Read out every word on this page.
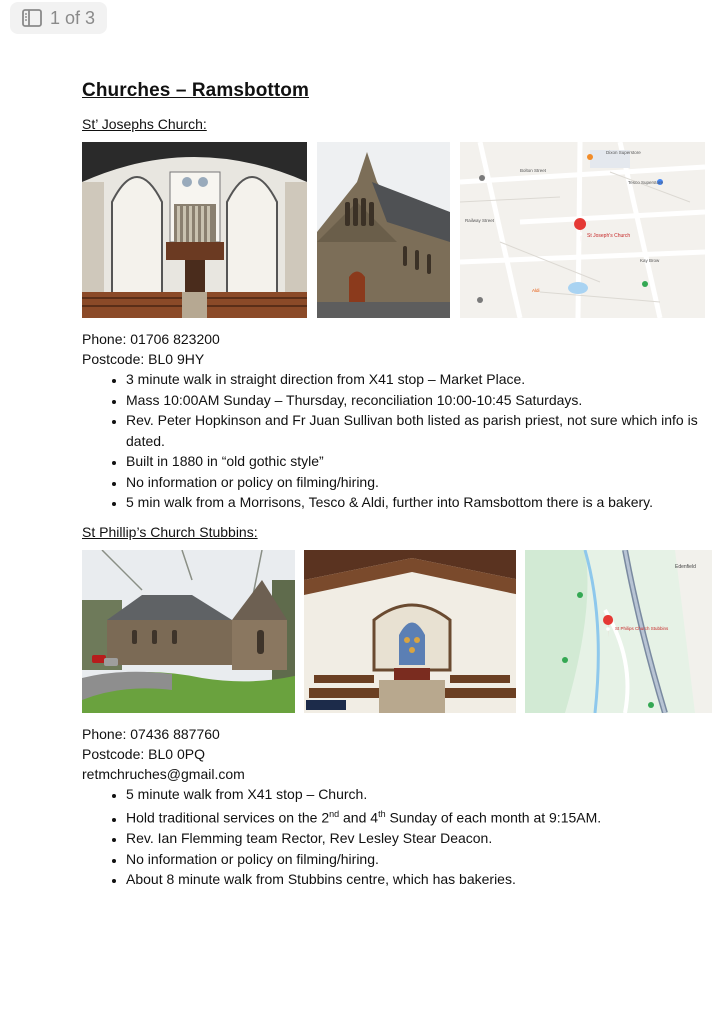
1 of 3
Churches – Ramsbottom
St’ Josephs Church:
St Joseph's Church
Dixon Superstore
Tesco Superstore
Aldi
Bolton Street
Kay Brow
Railway Street
Phone: 01706 823200
Postcode: BL0 9HY
• 3 minute walk in straight direction from X41 stop – Market Place.
• Mass 10:00AM Sunday – Thursday, reconciliation 10:00-10:45 Saturdays.
• Rev. Peter Hopkinson and Fr Juan Sullivan both listed as parish priest, not sure which info is dated.
• Built in 1880 in “old gothic style”
• No information or policy on filming/hiring.
• 5 min walk from a Morrisons, Tesco & Aldi, further into Ramsbottom there is a bakery.
St Phillip’s Church Stubbins:
St Philips Church Stubbins
Edenfield
Phone: 07436 887760
Postcode: BL0 0PQ
retmchruches@gmail.com
• 5 minute walk from X41 stop – Church.
• Hold traditional services on the 2nd and 4th Sunday of each month at 9:15AM.
• Rev. Ian Flemming team Rector, Rev Lesley Stear Deacon.
• No information or policy on filming/hiring.
• About 8 minute walk from Stubbins centre, which has bakeries.
